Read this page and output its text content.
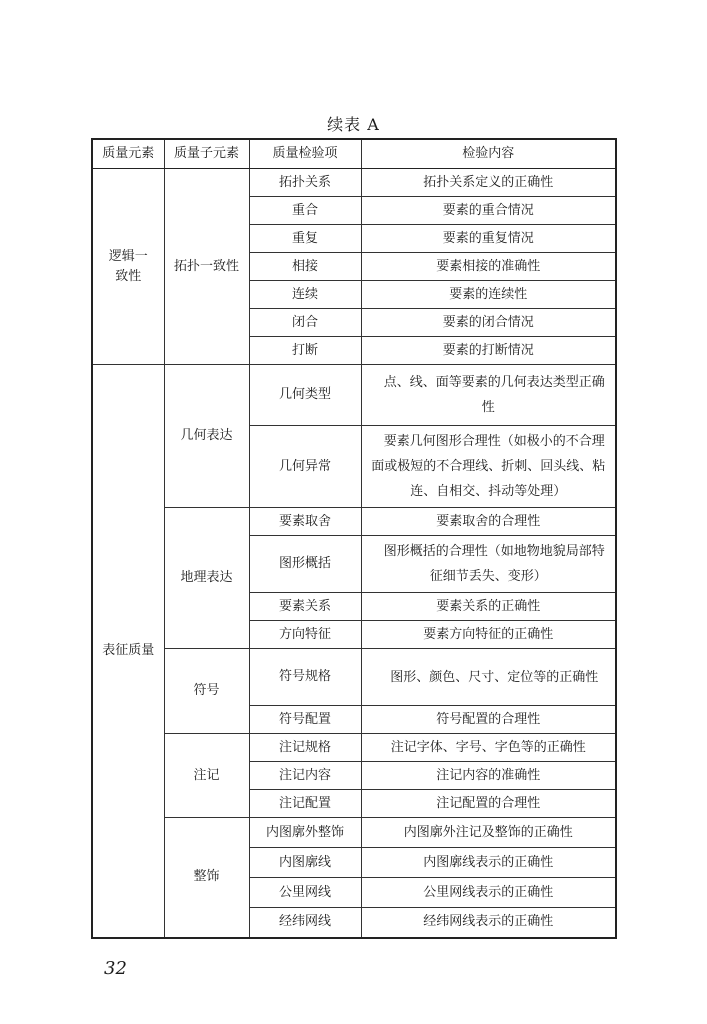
续表 A
质量元素	质量子元素	质量检验项	检验内容
逻辑一致性	拓扑一致性	拓扑关系	拓扑关系定义的正确性
		重合	要素的重合情况
		重复	要素的重复情况
		相接	要素相接的准确性
		连续	要素的连续性
		闭合	要素的闭合情况
		打断	要素的打断情况
表征质量	几何表达	几何类型	点、线、面等要素的几何表达类型正确性
		几何异常	要素几何图形合理性（如极小的不合理面或极短的不合理线、折刺、回头线、粘连、自相交、抖动等处理）
	地理表达	要素取舍	要素取舍的合理性
		图形概括	图形概括的合理性（如地物地貌局部特征细节丢失、变形）
		要素关系	要素关系的正确性
		方向特征	要素方向特征的正确性
	符号	符号规格	图形、颜色、尺寸、定位等的正确性
		符号配置	符号配置的合理性
	注记	注记规格	注记字体、字号、字色等的正确性
		注记内容	注记内容的准确性
		注记配置	注记配置的合理性
	整饰	内图廓外整饰	内图廓外注记及整饰的正确性
		内图廓线	内图廓线表示的正确性
		公里网线	公里网线表示的正确性
		经纬网线	经纬网线表示的正确性
32
